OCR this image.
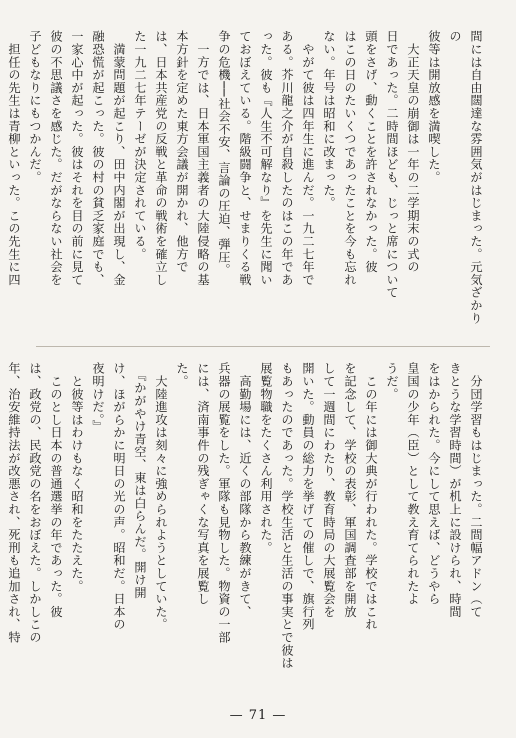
間には自由闊達な雰囲気がはじまった。元気ざかりの
彼等は開放感を満喫した。
　大正天皇の崩御は一年の二学期末の式の
日であった。二時間ほども、じっと席について
頭をさげ、動くことを許されなかった。彼
はこの日のたいくつであったことを今も忘れ
ない。年号は昭和に改まった。
　やがて彼は四年生に進んだ。一九二七年で
ある。芥川龍之介が自殺したのはこの年であ
った。彼も『人生不可解なり』を先生に聞い
ておぼえている。階級闘争と、せまりくる戦
争の危機──社会不安、言論の圧迫、弾圧。
　一方では、日本軍国主義者の大陸侵略の基
本方針を定めた東方会議が開かれ、他方で
は、日本共産党の反戦と革命の戦術を確立し
た一九二七年テーゼが決定されている。
　満蒙問題が起こり、田中内閣が出現し、金
融恐慌が起こった。彼の村の貧乏家庭でも、
一家心中が起った。彼はそれを目の前に見て
彼の不思議さを感じた。だがならない社会を
子どもなりにもつかんだ。
　担任の先生は青柳といった。この先生に四

　分団学習もはじまった。二間幅アドン（て
きとうな学習時間）が机上に設けられ、時間
をはかられた。今にして思えば、どうやら
皇国の少年（臣）として教え育てられたよ
うだ。
　この年には御大典が行われた。学校ではこれ
を記念して、学校の表彰、軍国調査部を開放
して一週間にわたり、教育時局の大展覧会を
開いた。動員の総力を挙げての催しで、旗行列
もあったのであった。学校生活と生活の事実とで彼は
展覧物職をたくさん利用された。
　高勤場には、近くの部隊から教練がきて、
兵器の展覧をした。軍隊も見物した。物資の一部
には、済南事件の残ぎゃくな写真を展覧し
た。
　大陸進攻は刻々に強められようとしていた。
　『かがやけ青空、東は白らんだ。開け開
け、ほがらかに明日の光の声。昭和だ。日本の
夜明けだ。』
　と彼等はわけもなく昭和をたたえた。
　このとし日本の普通選挙の年であった。彼
は、政党の、民政党の名をおぼえた。しかしこの
年、治安維持法が改悪され、死刑も追加され、特

— 71 —
